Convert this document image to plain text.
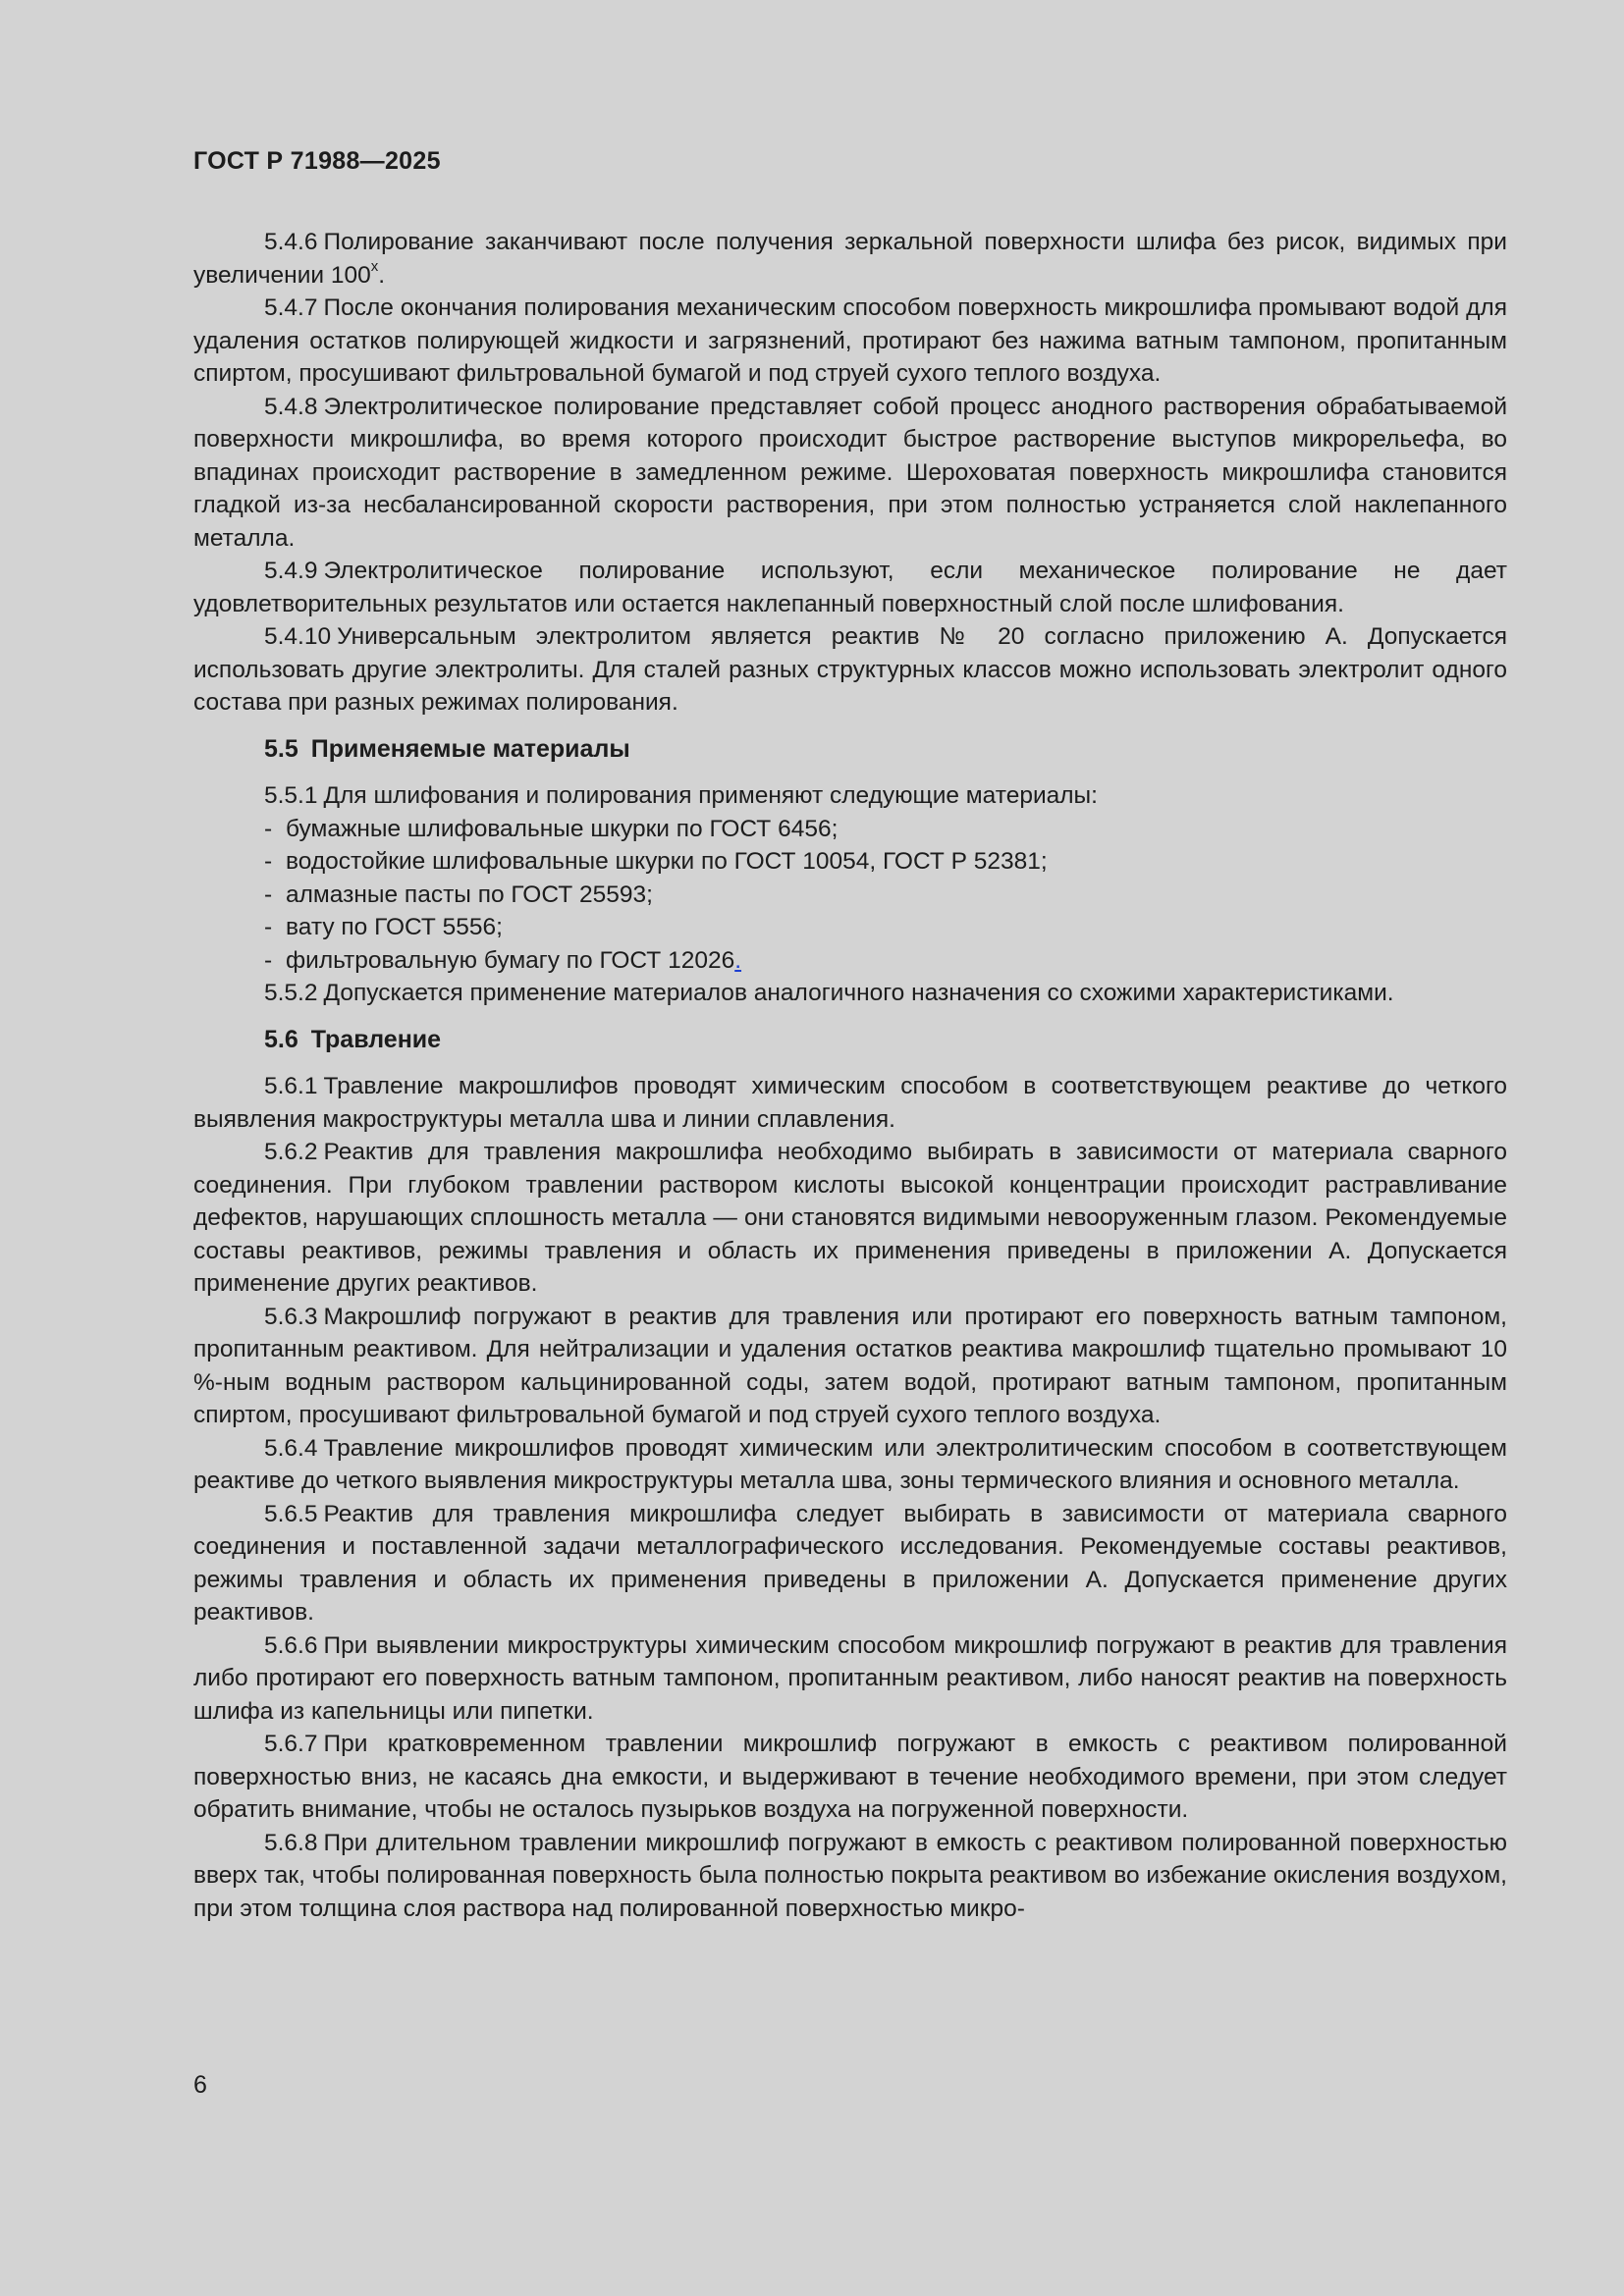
ГОСТ Р 71988—2025

5.4.6 Полирование заканчивают после получения зеркальной поверхности шлифа без рисок, видимых при увеличении 100$^x$.

5.4.7 После окончания полирования механическим способом поверхность микрошлифа промывают водой для удаления остатков полирующей жидкости и загрязнений, протирают без нажима ватным тампоном, пропитанным спиртом, просушивают фильтровальной бумагой и под струей сухого теплого воздуха.

5.4.8 Электролитическое полирование представляет собой процесс анодного растворения обрабатываемой поверхности микрошлифа, во время которого происходит быстрое растворение выступов микрорельефа, во впадинах происходит растворение в замедленном режиме. Шероховатая поверхность микрошлифа становится гладкой из-за несбалансированной скорости растворения, при этом полностью устраняется слой наклепанного металла.

5.4.9 Электролитическое полирование используют, если механическое полирование не дает удовлетворительных результатов или остается наклепанный поверхностный слой после шлифования.

5.4.10 Универсальным электролитом является реактив № 20 согласно приложению А. Допускается использовать другие электролиты. Для сталей разных структурных классов можно использовать электролит одного состава при разных режимах полирования.

5.5 Применяемые материалы

5.5.1 Для шлифования и полирования применяют следующие материалы:

- бумажные шлифовальные шкурки по ГОСТ 6456;
- водостойкие шлифовальные шкурки по ГОСТ 10054, ГОСТ Р 52381;
- алмазные пасты по ГОСТ 25593;
- вату по ГОСТ 5556;
- фильтровальную бумагу по ГОСТ 12026.

5.5.2 Допускается применение материалов аналогичного назначения со схожими характеристиками.

5.6 Травление

5.6.1 Травление макрошлифов проводят химическим способом в соответствующем реактиве до четкого выявления макроструктуры металла шва и линии сплавления.

5.6.2 Реактив для травления макрошлифа необходимо выбирать в зависимости от материала сварного соединения. При глубоком травлении раствором кислоты высокой концентрации происходит растравливание дефектов, нарушающих сплошность металла — они становятся видимыми невооруженным глазом. Рекомендуемые составы реактивов, режимы травления и область их применения приведены в приложении А. Допускается применение других реактивов.

5.6.3 Макрошлиф погружают в реактив для травления или протирают его поверхность ватным тампоном, пропитанным реактивом. Для нейтрализации и удаления остатков реактива макрошлиф тщательно промывают 10 %-ным водным раствором кальцинированной соды, затем водой, протирают ватным тампоном, пропитанным спиртом, просушивают фильтровальной бумагой и под струей сухого теплого воздуха.

5.6.4 Травление микрошлифов проводят химическим или электролитическим способом в соответствующем реактиве до четкого выявления микроструктуры металла шва, зоны термического влияния и основного металла.

5.6.5 Реактив для травления микрошлифа следует выбирать в зависимости от материала сварного соединения и поставленной задачи металлографического исследования. Рекомендуемые составы реактивов, режимы травления и область их применения приведены в приложении А. Допускается применение других реактивов.

5.6.6 При выявлении микроструктуры химическим способом микрошлиф погружают в реактив для травления либо протирают его поверхность ватным тампоном, пропитанным реактивом, либо наносят реактив на поверхность шлифа из капельницы или пипетки.

5.6.7 При кратковременном травлении микрошлиф погружают в емкость с реактивом полированной поверхностью вниз, не касаясь дна емкости, и выдерживают в течение необходимого времени, при этом следует обратить внимание, чтобы не осталось пузырьков воздуха на погруженной поверхности.

5.6.8 При длительном травлении микрошлиф погружают в емкость с реактивом полированной поверхностью вверх так, чтобы полированная поверхность была полностью покрыта реактивом во избежание окисления воздухом, при этом толщина слоя раствора над полированной поверхностью микро-

6
